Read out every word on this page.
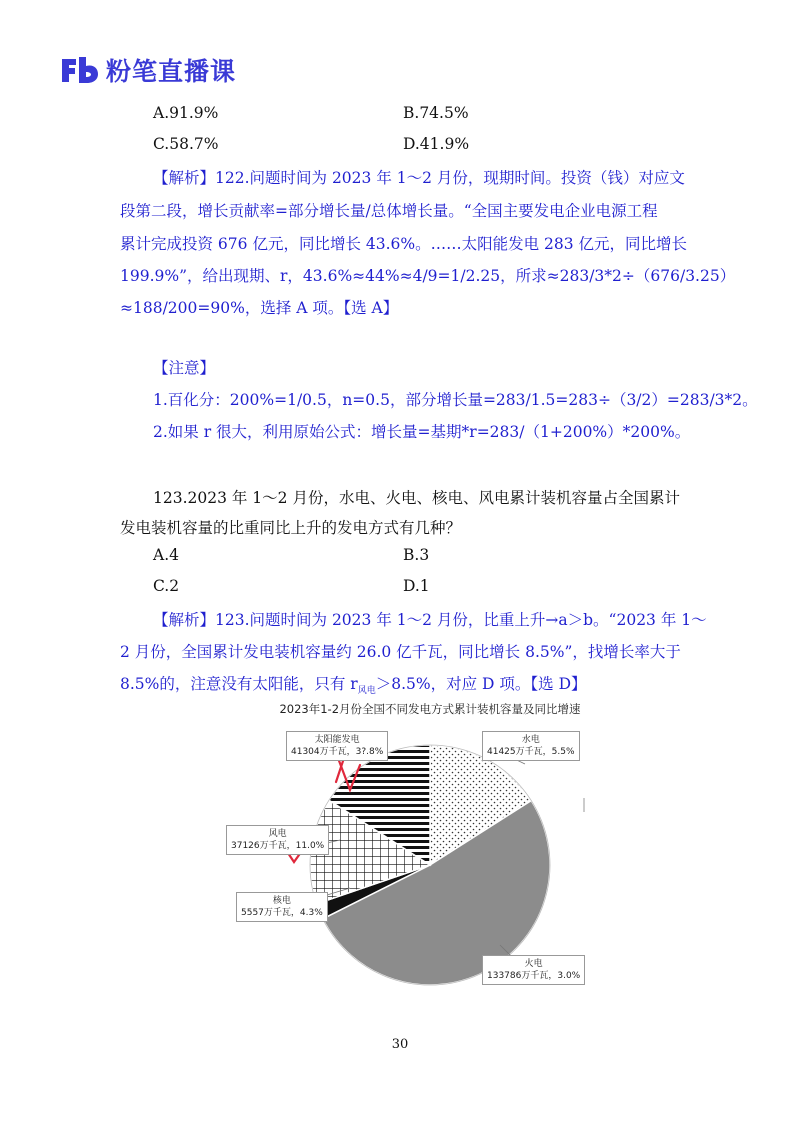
粉笔直播课
A.91.9%	B.74.5%
C.58.7%	D.41.9%
【解析】122.问题时间为 2023 年 1～2 月份，现期时间。投资（钱）对应文
段第二段，增长贡献率=部分增长量/总体增长量。“全国主要发电企业电源工程
累计完成投资 676 亿元，同比增长 43.6%。……太阳能发电 283 亿元，同比增长
199.9%”，给出现期、r，43.6%≈44%≈4/9=1/2.25，所求≈283/3*2÷（676/3.25）
≈188/200=90%，选择 A 项。【选 A】
【注意】
1.百化分：200%=1/0.5，n=0.5，部分增长量=283/1.5=283÷（3/2）=283/3*2。
2.如果 r 很大，利用原始公式：增长量=基期*r=283/（1+200%）*200%。
123.2023 年 1～2 月份，水电、火电、核电、风电累计装机容量占全国累计
发电装机容量的比重同比上升的发电方式有几种？
A.4	B.3
C.2	D.1
【解析】123.问题时间为 2023 年 1～2 月份，比重上升→a＞b。“2023 年 1～
2 月份，全国累计发电装机容量约 26.0 亿千瓦，同比增长 8.5%”，找增长率大于
8.5%的，注意没有太阳能，只有 $r_{风电}>8.5\%$，对应 D 项。【选 D】
2023年1-2月份全国不同发电方式累计装机容量及同比增速
太阳能发电
41304万千瓦，3?.8%
水电
41425万千瓦，5.5%
风电
37126万千瓦，11.0%
核电
5557万千瓦，4.3%
火电
133786万千瓦，3.0%
30
